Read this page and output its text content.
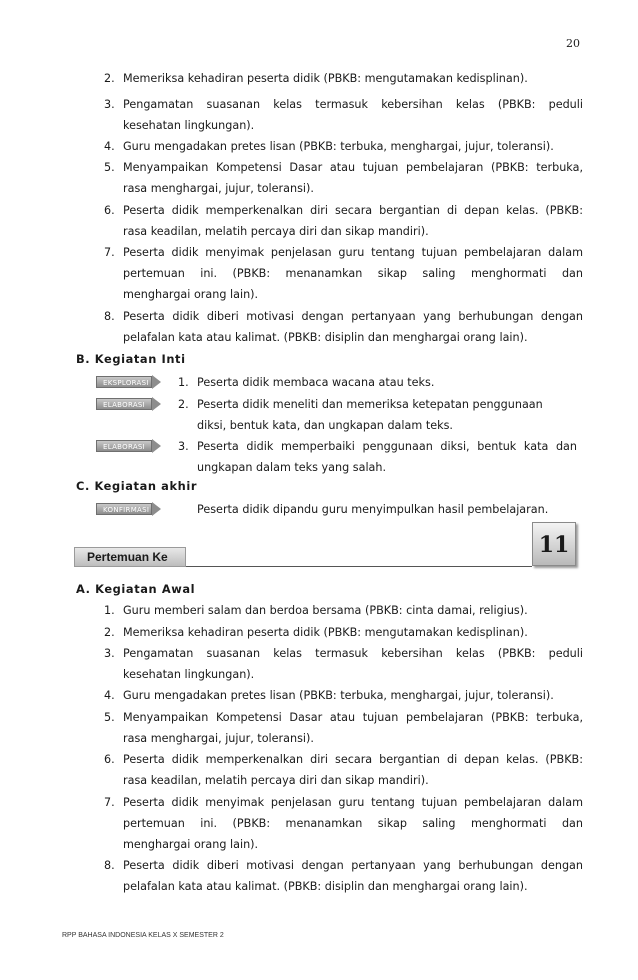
20
2. Memeriksa kehadiran peserta didik (PBKB: mengutamakan kedisplinan).
3. Pengamatan suasanan kelas termasuk kebersihan kelas (PBKB: peduli
kesehatan lingkungan).
4. Guru mengadakan pretes lisan (PBKB: terbuka, menghargai, jujur, toleransi).
5. Menyampaikan Kompetensi Dasar atau tujuan pembelajaran (PBKB: terbuka,
rasa menghargai, jujur, toleransi).
6. Peserta didik memperkenalkan diri secara bergantian di depan kelas. (PBKB:
rasa keadilan, melatih percaya diri dan sikap mandiri).
7. Peserta didik menyimak penjelasan guru tentang tujuan pembelajaran dalam
pertemuan ini. (PBKB: menanamkan sikap saling menghormati dan
menghargai orang lain).
8. Peserta didik diberi motivasi dengan pertanyaan yang berhubungan dengan
pelafalan kata atau kalimat. (PBKB: disiplin dan menghargai orang lain).
B. Kegiatan Inti
EKSPLORASI	1. Peserta didik membaca wacana atau teks.
ELABORASI	2. Peserta didik meneliti dan memeriksa ketepatan penggunaan
diksi, bentuk kata, dan ungkapan dalam teks.
ELABORASI	3. Peserta didik memperbaiki penggunaan diksi, bentuk kata dan
ungkapan dalam teks yang salah.
C. Kegiatan akhir
KONFIRMASI	Peserta didik dipandu guru menyimpulkan hasil pembelajaran.
Pertemuan Ke	11
A. Kegiatan Awal
1. Guru memberi salam dan berdoa bersama (PBKB: cinta damai, religius).
2. Memeriksa kehadiran peserta didik (PBKB: mengutamakan kedisplinan).
3. Pengamatan suasanan kelas termasuk kebersihan kelas (PBKB: peduli
kesehatan lingkungan).
4. Guru mengadakan pretes lisan (PBKB: terbuka, menghargai, jujur, toleransi).
5. Menyampaikan Kompetensi Dasar atau tujuan pembelajaran (PBKB: terbuka,
rasa menghargai, jujur, toleransi).
6. Peserta didik memperkenalkan diri secara bergantian di depan kelas. (PBKB:
rasa keadilan, melatih percaya diri dan sikap mandiri).
7. Peserta didik menyimak penjelasan guru tentang tujuan pembelajaran dalam
pertemuan ini. (PBKB: menanamkan sikap saling menghormati dan
menghargai orang lain).
8. Peserta didik diberi motivasi dengan pertanyaan yang berhubungan dengan
pelafalan kata atau kalimat. (PBKB: disiplin dan menghargai orang lain).
RPP BAHASA INDONESIA KELAS X SEMESTER 2
